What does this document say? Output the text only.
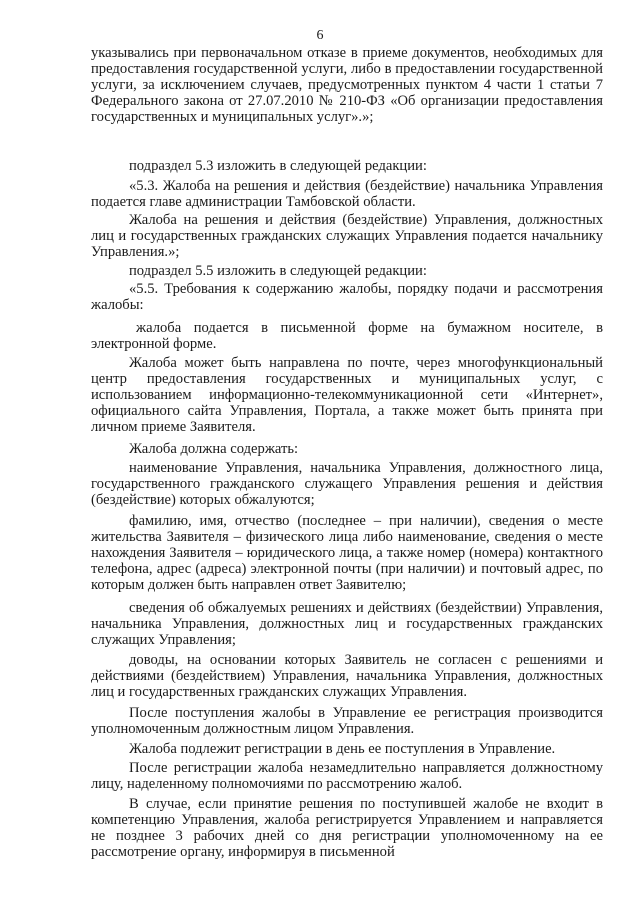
6

указывались при первоначальном отказе в приеме документов, необходимых для предоставления государственной услуги, либо в предоставлении государственной услуги, за исключением случаев, предусмотренных пунктом 4 части 1 статьи 7 Федерального закона от 27.07.2010 № 210-ФЗ «Об организации предоставления государственных и муниципальных услуг».»;

подраздел 5.3 изложить в следующей редакции:

«5.3. Жалоба на решения и действия (бездействие) начальника Управления подается главе администрации Тамбовской области.

Жалоба на решения и действия (бездействие) Управления, должностных лиц и государственных гражданских служащих Управления подается начальнику Управления.»;

подраздел 5.5 изложить в следующей редакции:

«5.5. Требования к содержанию жалобы, порядку подачи и рассмотрения жалобы:

жалоба подается в письменной форме на бумажном носителе, в электронной форме.

Жалоба может быть направлена по почте, через многофункциональный центр предоставления государственных и муниципальных услуг, с использованием информационно-телекоммуникационной сети «Интернет», официального сайта Управления, Портала, а также может быть принята при личном приеме Заявителя.

Жалоба должна содержать:

наименование Управления, начальника Управления, должностного лица, государственного гражданского служащего Управления решения и действия (бездействие) которых обжалуются;

фамилию, имя, отчество (последнее – при наличии), сведения о месте жительства Заявителя – физического лица либо наименование, сведения о месте нахождения Заявителя – юридического лица, а также номер (номера) контактного телефона, адрес (адреса) электронной почты (при наличии) и почтовый адрес, по которым должен быть направлен ответ Заявителю;

сведения об обжалуемых решениях и действиях (бездействии) Управления, начальника Управления, должностных лиц и государственных гражданских служащих Управления;

доводы, на основании которых Заявитель не согласен с решениями и действиями (бездействием) Управления, начальника Управления, должностных лиц и государственных гражданских служащих Управления.

После поступления жалобы в Управление ее регистрация производится уполномоченным должностным лицом Управления.

Жалоба подлежит регистрации в день ее поступления в Управление.

После регистрации жалоба незамедлительно направляется должностному лицу, наделенному полномочиями по рассмотрению жалоб.

В случае, если принятие решения по поступившей жалобе не входит в компетенцию Управления, жалоба регистрируется Управлением и направляется не позднее 3 рабочих дней со дня регистрации уполномоченному на ее рассмотрение органу, информируя в письменной
